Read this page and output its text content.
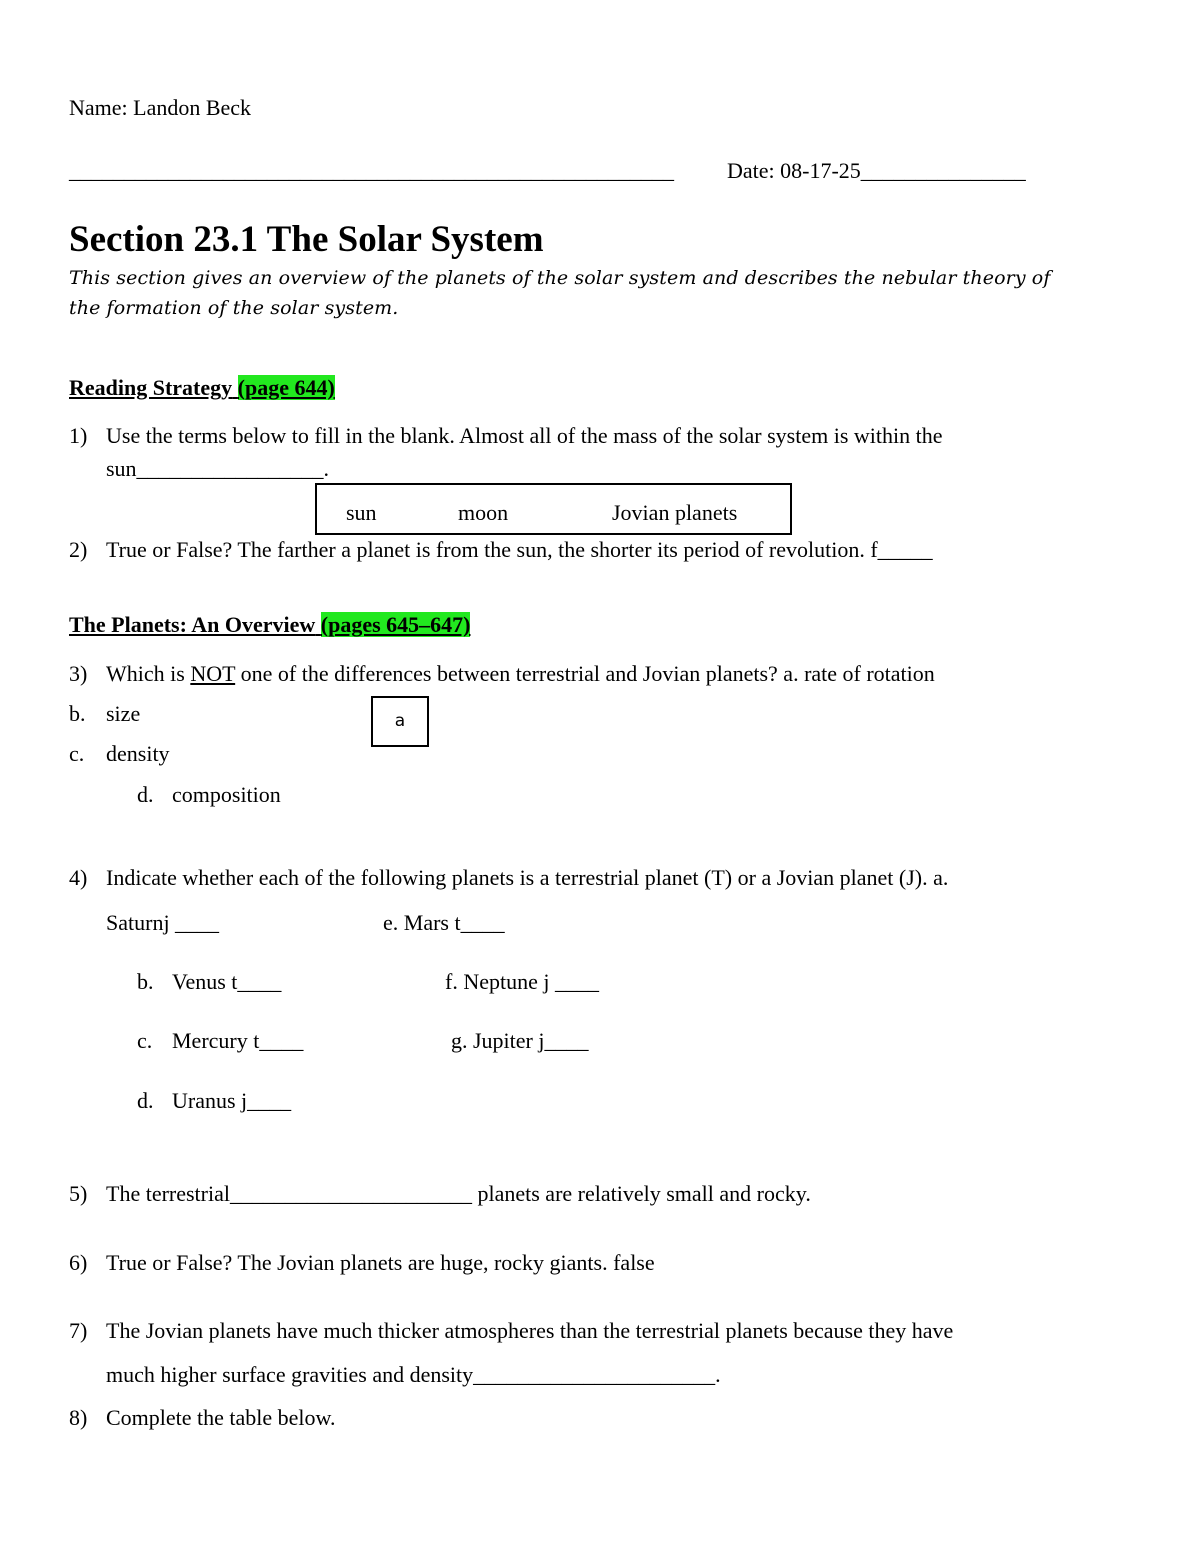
Name: Landon Beck
_______________________________________________________ Date: 08-17-25_______________
Section 23.1 The Solar System
This section gives an overview of the planets of the solar system and describes the nebular theory of
the formation of the solar system.
Reading Strategy (page 644)
1) Use the terms below to fill in the blank. Almost all of the mass of the solar system is within the
sun_________________.
sun	moon	Jovian planets
2) True or False? The farther a planet is from the sun, the shorter its period of revolution. f_____
The Planets: An Overview (pages 645–647)
3) Which is NOT one of the differences between terrestrial and Jovian planets? a. rate of rotation
b. size
c. density
d. composition
a
4) Indicate whether each of the following planets is a terrestrial planet (T) or a Jovian planet (J). a.
Saturnj ____	e. Mars t____
b. Venus t____	f. Neptune j ____
c. Mercury t____	g. Jupiter j____
d. Uranus j____
5) The terrestrial______________________ planets are relatively small and rocky.
6) True or False? The Jovian planets are huge, rocky giants. false
7) The Jovian planets have much thicker atmospheres than the terrestrial planets because they have
much higher surface gravities and density______________________.
8) Complete the table below.
